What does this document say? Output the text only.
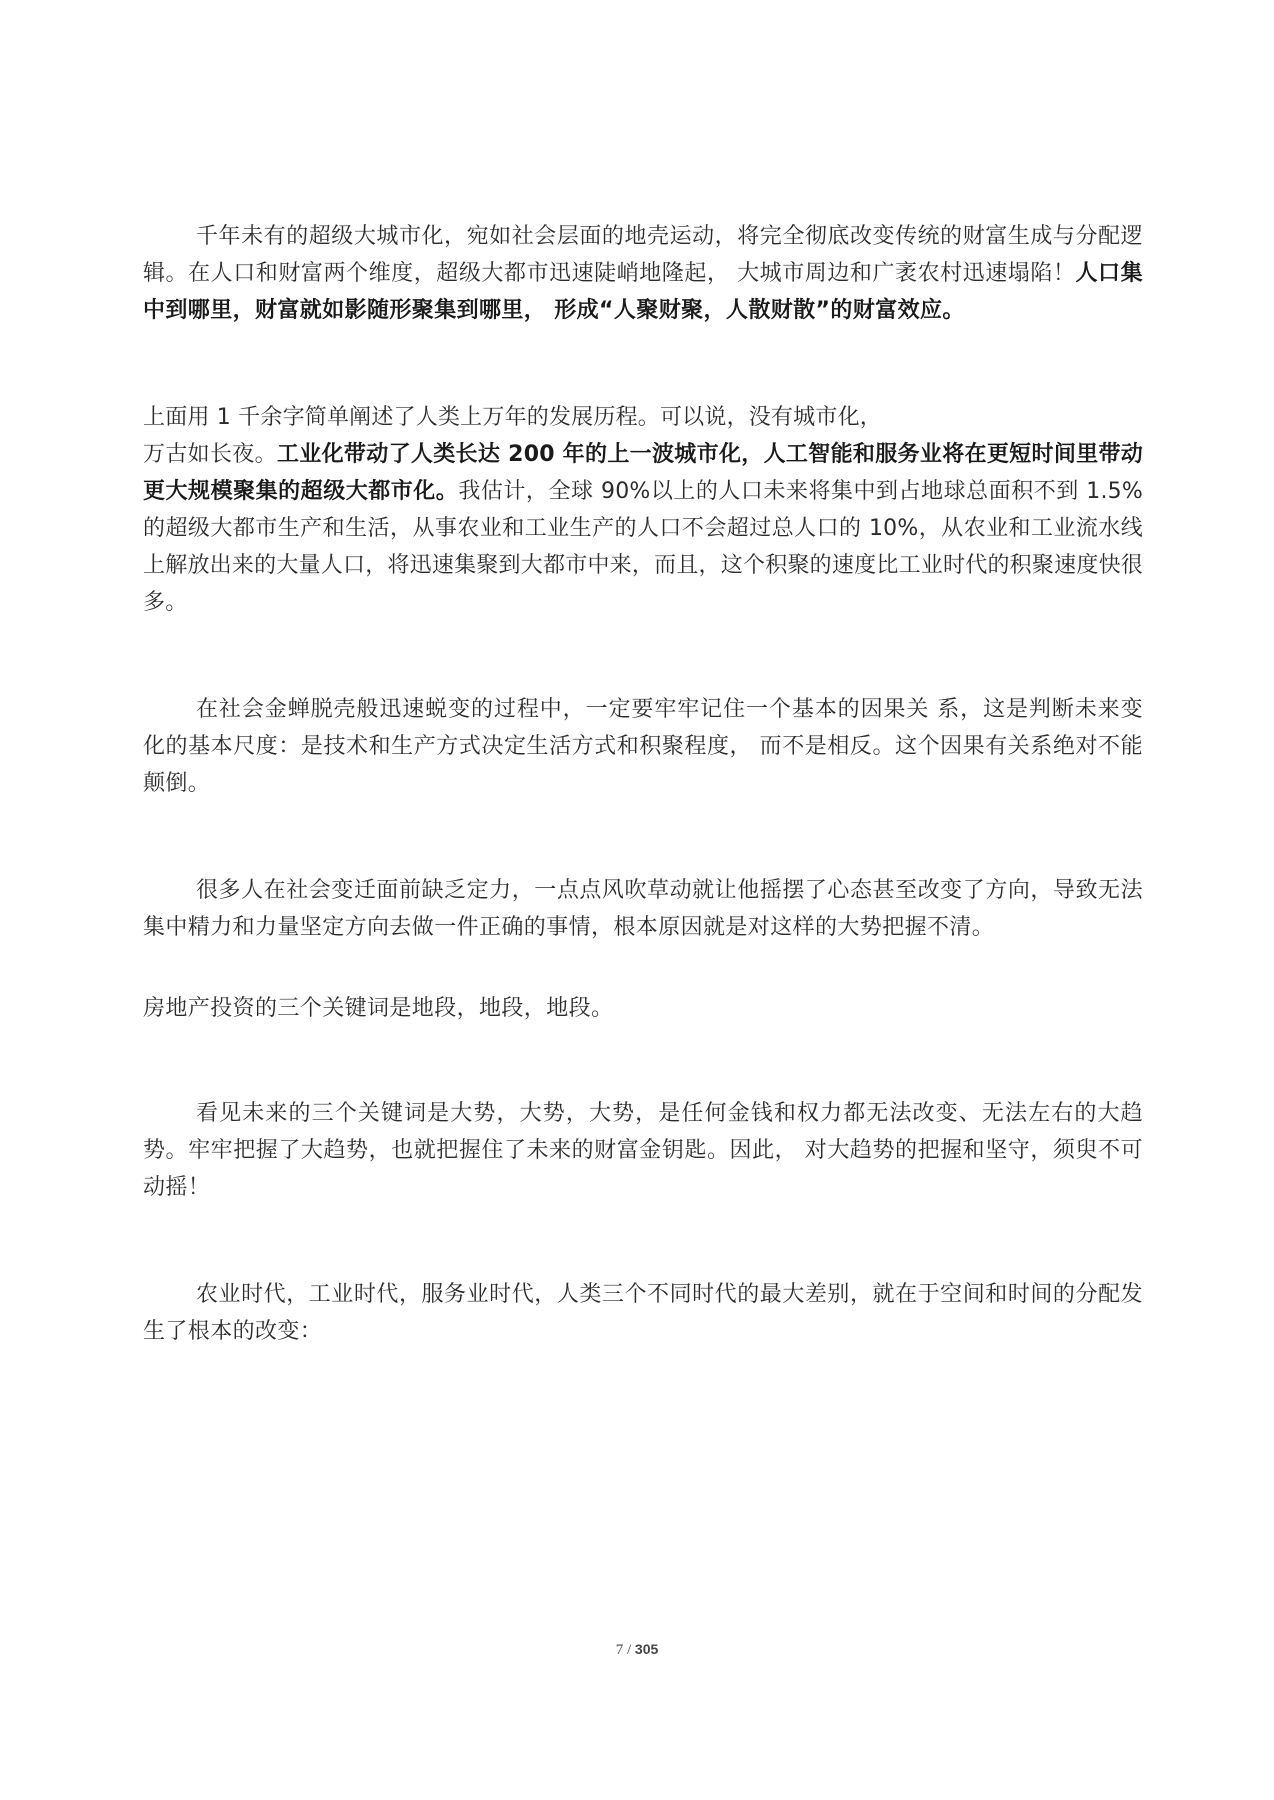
千年未有的超级大城市化，宛如社会层面的地壳运动，将完全彻底改变传统的财富生成与分配逻辑。在人口和财富两个维度，超级大都市迅速陡峭地隆起， 大城市周边和广袤农村迅速塌陷！人口集中到哪里，财富就如影随形聚集到哪里， 形成“人聚财聚，人散财散”的财富效应。

上面用 1 千余字简单阐述了人类上万年的发展历程。可以说，没有城市化，
万古如长夜。工业化带动了人类长达 200 年的上一波城市化，人工智能和服务业将在更短时间里带动更大规模聚集的超级大都市化。我估计，全球 90%以上的人口未来将集中到占地球总面积不到 1.5%的超级大都市生产和生活，从事农业和工业生产的人口不会超过总人口的 10%，从农业和工业流水线上解放出来的大量人口，将迅速集聚到大都市中来，而且，这个积聚的速度比工业时代的积聚速度快很多。

在社会金蝉脱壳般迅速蜕变的过程中，一定要牢牢记住一个基本的因果关 系，这是判断未来变化的基本尺度：是技术和生产方式决定生活方式和积聚程度， 而不是相反。这个因果有关系绝对不能颠倒。

很多人在社会变迁面前缺乏定力，一点点风吹草动就让他摇摆了心态甚至改变了方向，导致无法集中精力和力量坚定方向去做一件正确的事情，根本原因就是对这样的大势把握不清。

房地产投资的三个关键词是地段，地段，地段。

看见未来的三个关键词是大势，大势，大势，是任何金钱和权力都无法改变、无法左右的大趋势。牢牢把握了大趋势，也就把握住了未来的财富金钥匙。因此， 对大趋势的把握和坚守，须臾不可动摇！

农业时代，工业时代，服务业时代，人类三个不同时代的最大差别，就在于空间和时间的分配发生了根本的改变：

7 / 305
